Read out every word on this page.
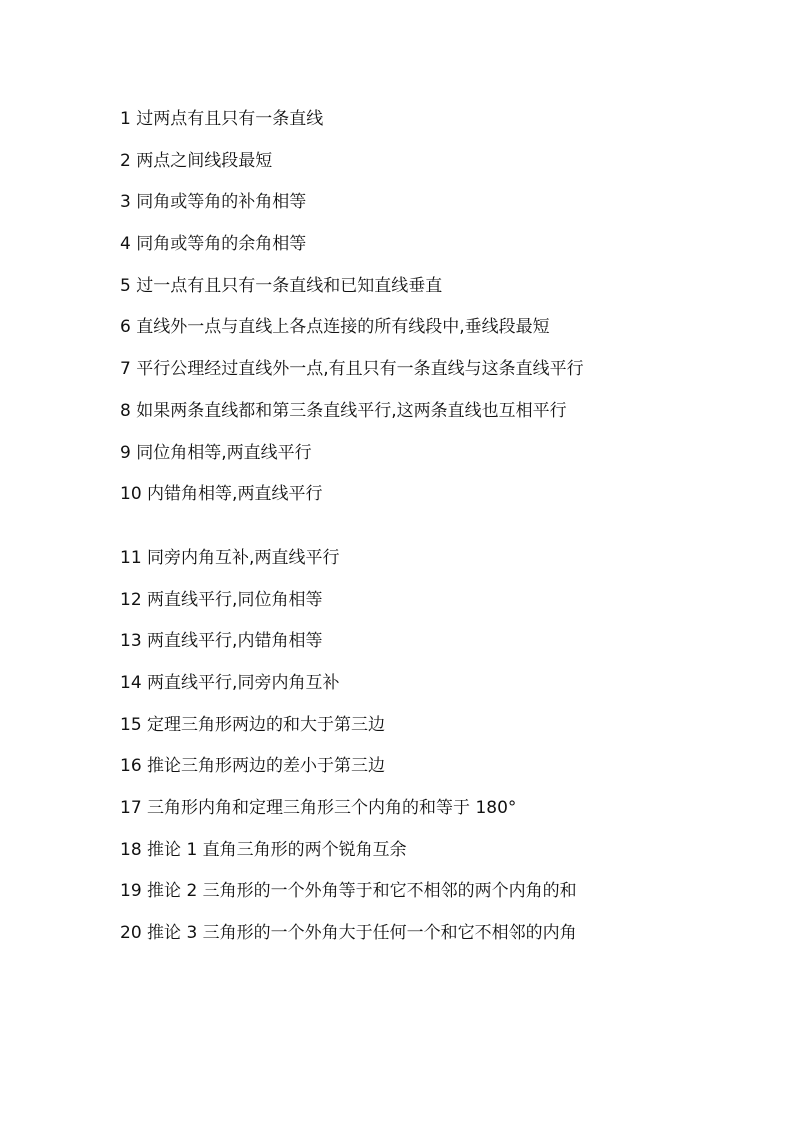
1 过两点有且只有一条直线
2 两点之间线段最短
3 同角或等角的补角相等
4 同角或等角的余角相等
5 过一点有且只有一条直线和已知直线垂直
6 直线外一点与直线上各点连接的所有线段中,垂线段最短
7 平行公理经过直线外一点,有且只有一条直线与这条直线平行
8 如果两条直线都和第三条直线平行,这两条直线也互相平行
9 同位角相等,两直线平行
10 内错角相等,两直线平行
11 同旁内角互补,两直线平行
12 两直线平行,同位角相等
13 两直线平行,内错角相等
14 两直线平行,同旁内角互补
15 定理三角形两边的和大于第三边
16 推论三角形两边的差小于第三边
17 三角形内角和定理三角形三个内角的和等于 180°
18 推论 1 直角三角形的两个锐角互余
19 推论 2 三角形的一个外角等于和它不相邻的两个内角的和
20 推论 3 三角形的一个外角大于任何一个和它不相邻的内角
